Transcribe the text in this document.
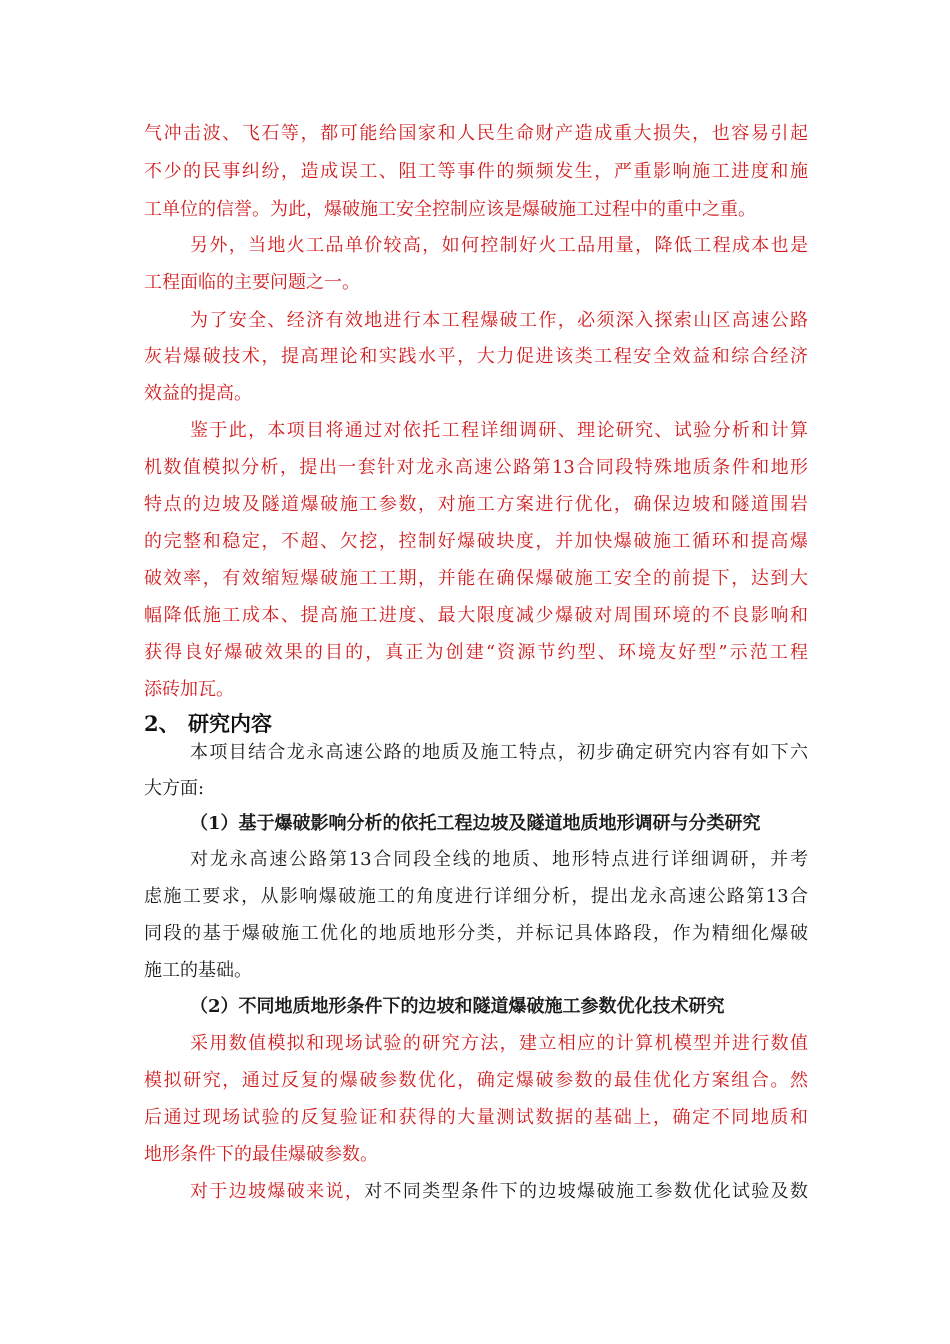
气冲击波、飞石等，都可能给国家和人民生命财产造成重大损失，也容易引起
不少的民事纠纷，造成误工、阻工等事件的频频发生，严重影响施工进度和施
工单位的信誉。为此，爆破施工安全控制应该是爆破施工过程中的重中之重。
另外，当地火工品单价较高，如何控制好火工品用量，降低工程成本也是
工程面临的主要问题之一。
为了安全、经济有效地进行本工程爆破工作，必须深入探索山区高速公路
灰岩爆破技术，提高理论和实践水平，大力促进该类工程安全效益和综合经济
效益的提高。
鉴于此，本项目将通过对依托工程详细调研、理论研究、试验分析和计算
机数值模拟分析，提出一套针对龙永高速公路第13合同段特殊地质条件和地形
特点的边坡及隧道爆破施工参数，对施工方案进行优化，确保边坡和隧道围岩
的完整和稳定，不超、欠挖，控制好爆破块度，并加快爆破施工循环和提高爆
破效率，有效缩短爆破施工工期，并能在确保爆破施工安全的前提下，达到大
幅降低施工成本、提高施工进度、最大限度减少爆破对周围环境的不良影响和
获得良好爆破效果的目的，真正为创建“资源节约型、环境友好型”示范工程
添砖加瓦。
2、 研究内容
本项目结合龙永高速公路的地质及施工特点，初步确定研究内容有如下六
大方面:
（1）基于爆破影响分析的依托工程边坡及隧道地质地形调研与分类研究
对龙永高速公路第13合同段全线的地质、地形特点进行详细调研，并考
虑施工要求，从影响爆破施工的角度进行详细分析，提出龙永高速公路第13合
同段的基于爆破施工优化的地质地形分类，并标记具体路段，作为精细化爆破
施工的基础。
（2）不同地质地形条件下的边坡和隧道爆破施工参数优化技术研究
采用数值模拟和现场试验的研究方法，建立相应的计算机模型并进行数值
模拟研究，通过反复的爆破参数优化，确定爆破参数的最佳优化方案组合。然
后通过现场试验的反复验证和获得的大量测试数据的基础上，确定不同地质和
地形条件下的最佳爆破参数。
对于边坡爆破来说，对不同类型条件下的边坡爆破施工参数优化试验及数
